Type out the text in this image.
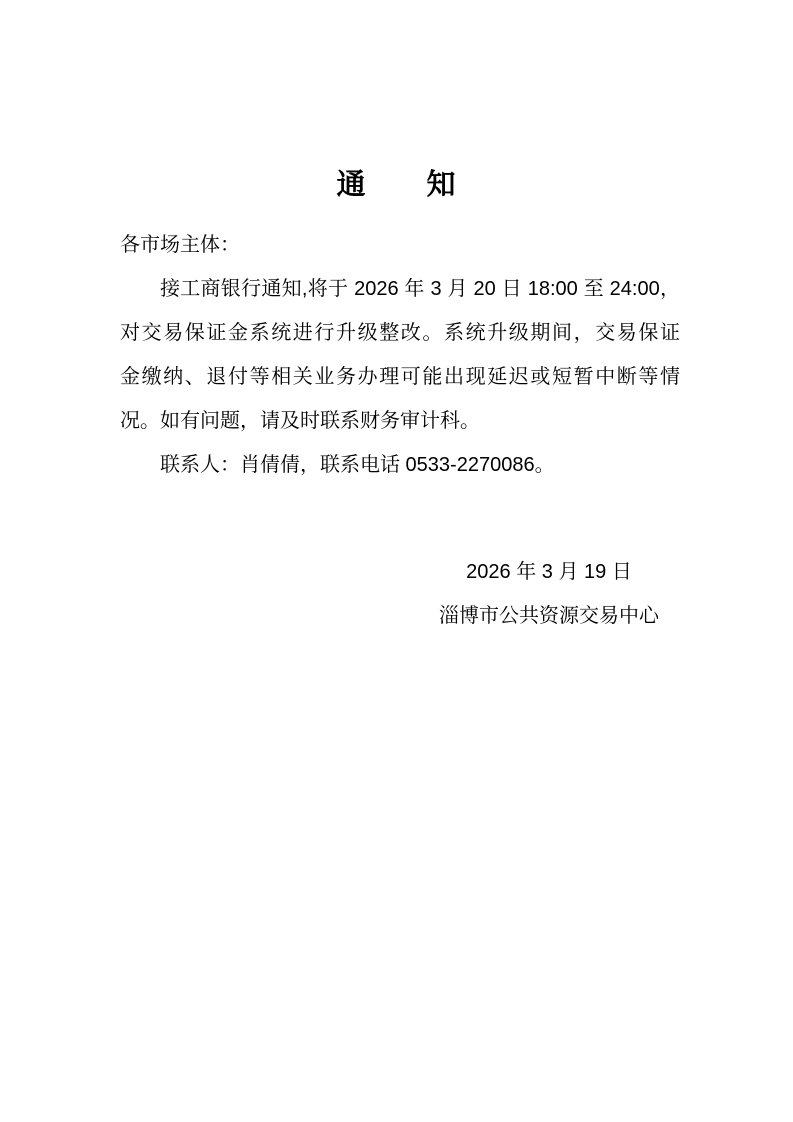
通　　知
各市场主体：
接工商银行通知,将于 2026 年 3 月 20 日 18:00 至 24:00，
对交易保证金系统进行升级整改。系统升级期间，交易保证
金缴纳、退付等相关业务办理可能出现延迟或短暂中断等情
况。如有问题，请及时联系财务审计科。
联系人：肖倩倩，联系电话 0533-2270086。
2026 年 3 月 19 日
淄博市公共资源交易中心
